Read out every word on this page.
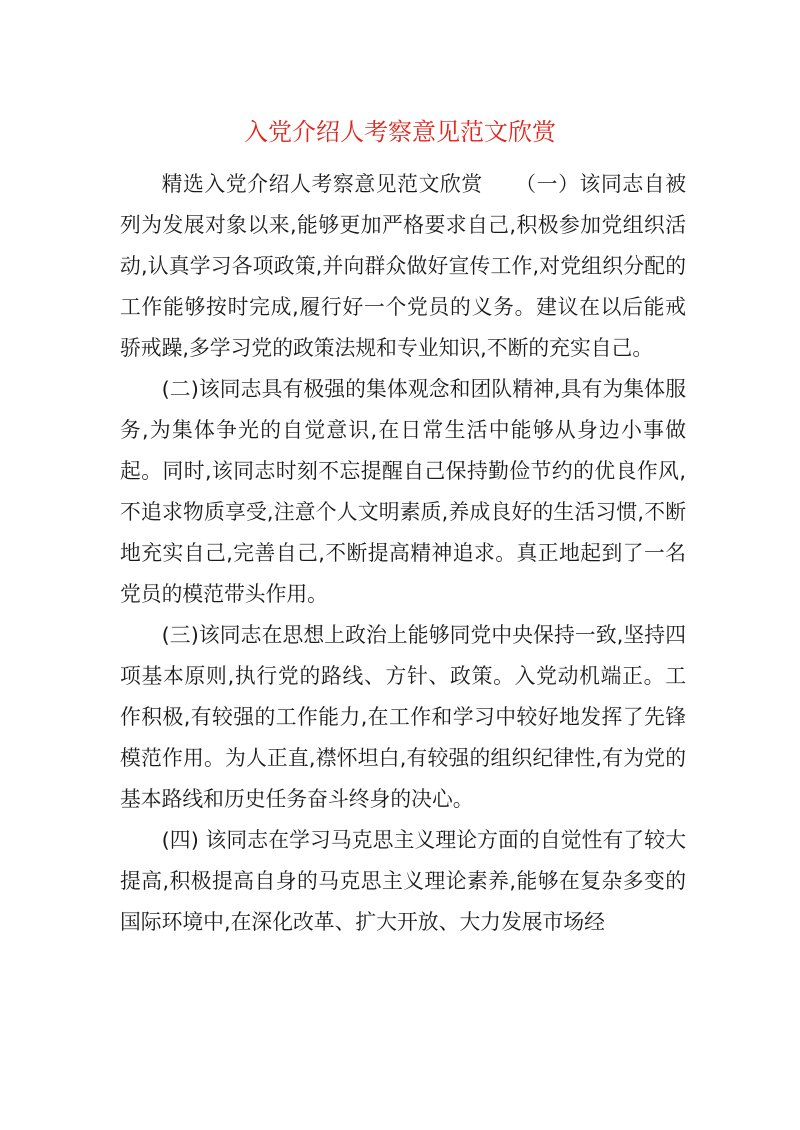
入党介绍人考察意见范文欣赏

精选入党介绍人考察意见范文欣赏　　（一）该同志自被列为发展对象以来,能够更加严格要求自己,积极参加党组织活动,认真学习各项政策,并向群众做好宣传工作,对党组织分配的工作能够按时完成,履行好一个党员的义务。建议在以后能戒骄戒躁,多学习党的政策法规和专业知识,不断的充实自己。

(二)该同志具有极强的集体观念和团队精神,具有为集体服务,为集体争光的自觉意识,在日常生活中能够从身边小事做起。同时,该同志时刻不忘提醒自己保持勤俭节约的优良作风,不追求物质享受,注意个人文明素质,养成良好的生活习惯,不断地充实自己,完善自己,不断提高精神追求。真正地起到了一名党员的模范带头作用。

(三)该同志在思想上政治上能够同党中央保持一致,坚持四项基本原则,执行党的路线、方针、政策。入党动机端正。工作积极,有较强的工作能力,在工作和学习中较好地发挥了先锋模范作用。为人正直,襟怀坦白,有较强的组织纪律性,有为党的基本路线和历史任务奋斗终身的决心。

(四) 该同志在学习马克思主义理论方面的自觉性有了较大提高,积极提高自身的马克思主义理论素养,能够在复杂多变的国际环境中,在深化改革、扩大开放、大力发展市场经
